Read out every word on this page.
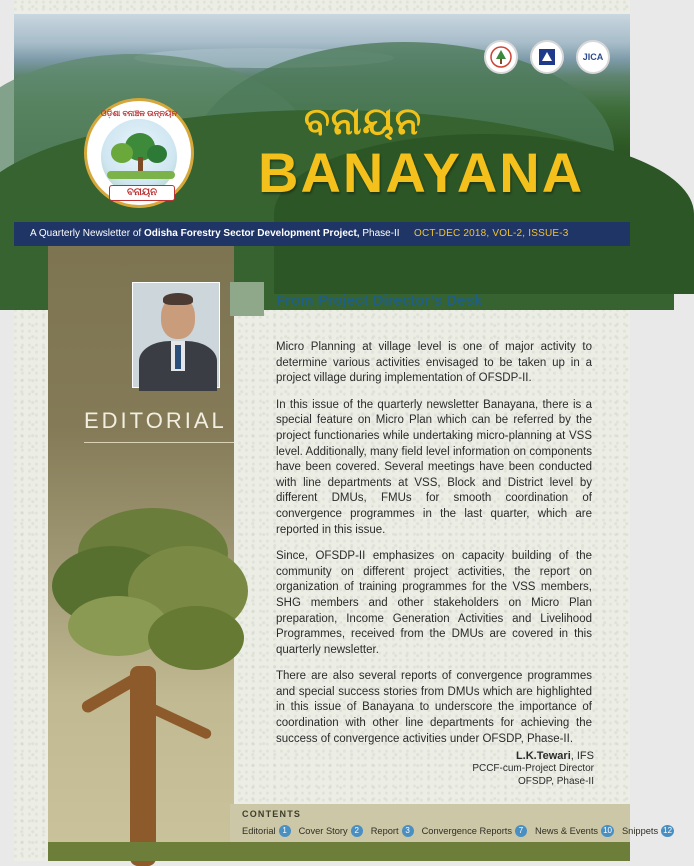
JICA
ଓଡ଼ିଶା ବନାଞ୍ଚଳ ଉନ୍ନୟନ
ବନାୟନ
ବନାୟନ
BANAYANA
A Quarterly Newsletter of Odisha Forestry Sector Development Project, Phase-II OCT-DEC 2018, VOL-2, ISSUE-3
EDITORIAL
From Project Director's Desk

Micro Planning at village level is one of major activity to determine various activities envisaged to be taken up in a project village during implementation of OFSDP-II.

In this issue of the quarterly newsletter Banayana, there is a special feature on Micro Plan which can be referred by the project functionaries while undertaking micro-planning at VSS level. Additionally, many field level information on components have been covered. Several meetings have been conducted with line departments at VSS, Block and District level by different DMUs, FMUs for smooth coordination of convergence programmes in the last quarter, which are reported in this issue.

Since, OFSDP-II emphasizes on capacity building of the community on different project activities, the report on organization of training programmes for the VSS members, SHG members and other stakeholders on Micro Plan preparation, Income Generation Activities and Livelihood Programmes, received from the DMUs are covered in this quarterly newsletter.

There are also several reports of convergence programmes and special success stories from DMUs which are highlighted in this issue of Banayana to underscore the importance of coordination with other line departments for achieving the success of convergence activities under OFSDP, Phase-II.

L.K.Tewari, IFS
PCCF-cum-Project Director
OFSDP, Phase-II
CONTENTS
Editorial 1	Cover Story 2	Report 3	Convergence Reports 7	News & Events 10 Snippets 12
